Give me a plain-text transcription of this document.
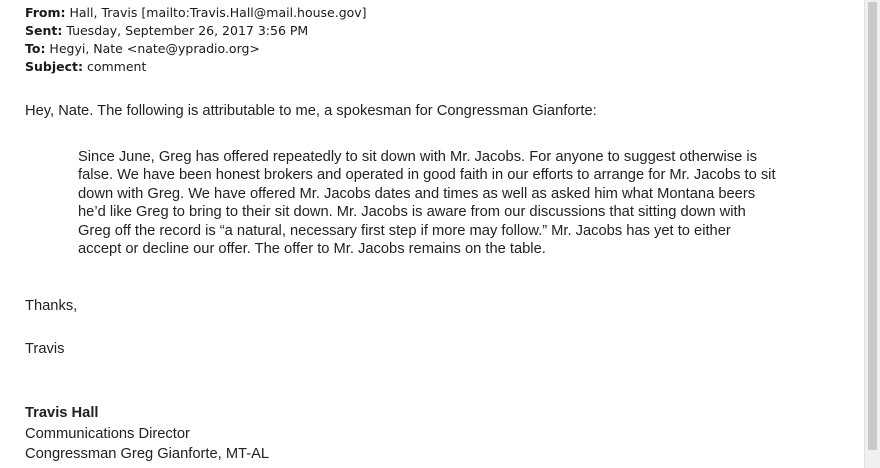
From: Hall, Travis [mailto:Travis.Hall@mail.house.gov]
Sent: Tuesday, September 26, 2017 3:56 PM
To: Hegyi, Nate <nate@ypradio.org>
Subject: comment
Hey, Nate. The following is attributable to me, a spokesman for Congressman Gianforte:
Since June, Greg has offered repeatedly to sit down with Mr. Jacobs. For anyone to suggest otherwise is
false. We have been honest brokers and operated in good faith in our efforts to arrange for Mr. Jacobs to sit
down with Greg. We have offered Mr. Jacobs dates and times as well as asked him what Montana beers
he’d like Greg to bring to their sit down. Mr. Jacobs is aware from our discussions that sitting down with
Greg off the record is “a natural, necessary first step if more may follow.” Mr. Jacobs has yet to either
accept or decline our offer. The offer to Mr. Jacobs remains on the table.
Thanks,
Travis
Travis Hall
Communications Director
Congressman Greg Gianforte, MT-AL
